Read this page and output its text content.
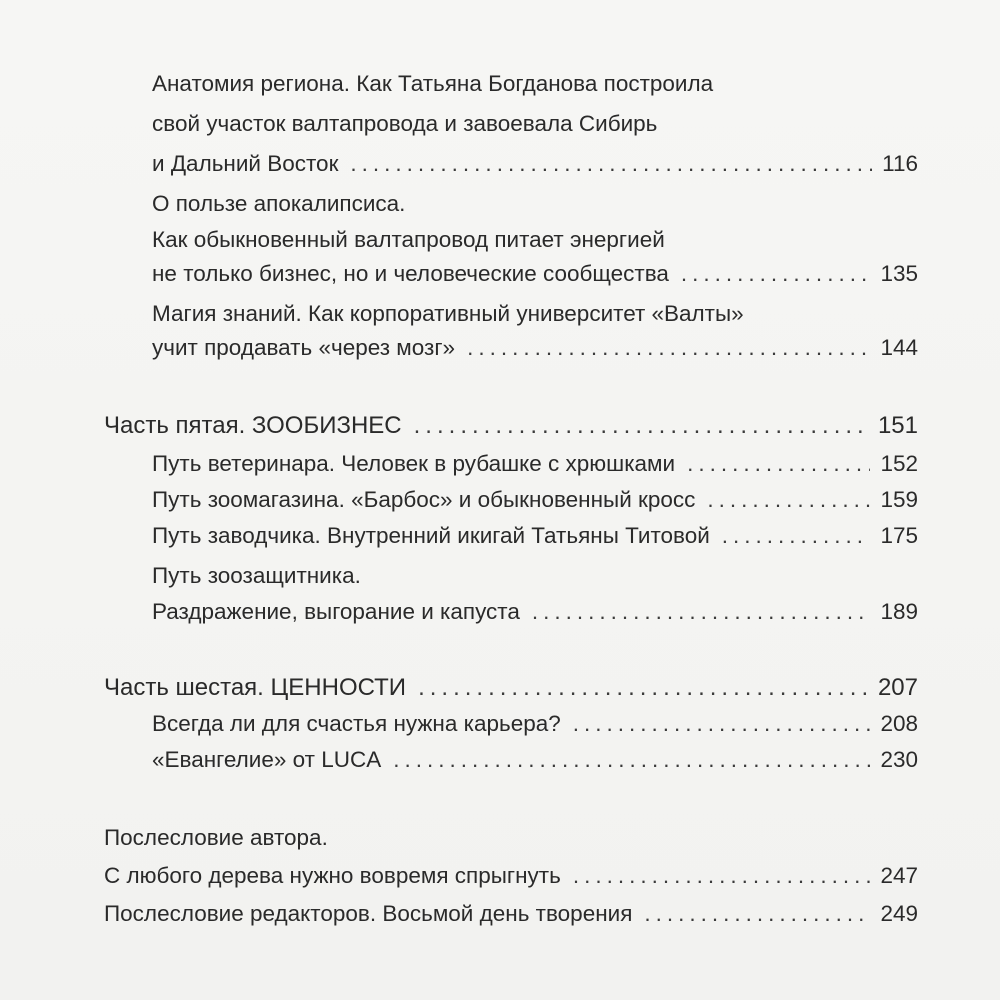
Анатомия региона. Как Татьяна Богданова построила
свой участок валтапровода и завоевала Сибирь
и Дальний Восток .....	116
О пользе апокалипсиса.
Как обыкновенный валтапровод питает энергией
не только бизнес, но и человеческие сообщества .....	135
Магия знаний. Как корпоративный университет «Валты»
учит продавать «через мозг» .....	144
Часть пятая. ЗООБИЗНЕС .....	151
Путь ветеринара. Человек в рубашке с хрюшками .....	152
Путь зоомагазина. «Барбос» и обыкновенный кросс .....	159
Путь заводчика. Внутренний икигай Татьяны Титовой .....	175
Путь зоозащитника.
Раздражение, выгорание и капуста .....	189
Часть шестая. ЦЕННОСТИ .....	207
Всегда ли для счастья нужна карьера? .....	208
«Евангелие» от LUCA .....	230
Послесловие автора.
С любого дерева нужно вовремя спрыгнуть .....	247
Послесловие редакторов. Восьмой день творения .....	249
